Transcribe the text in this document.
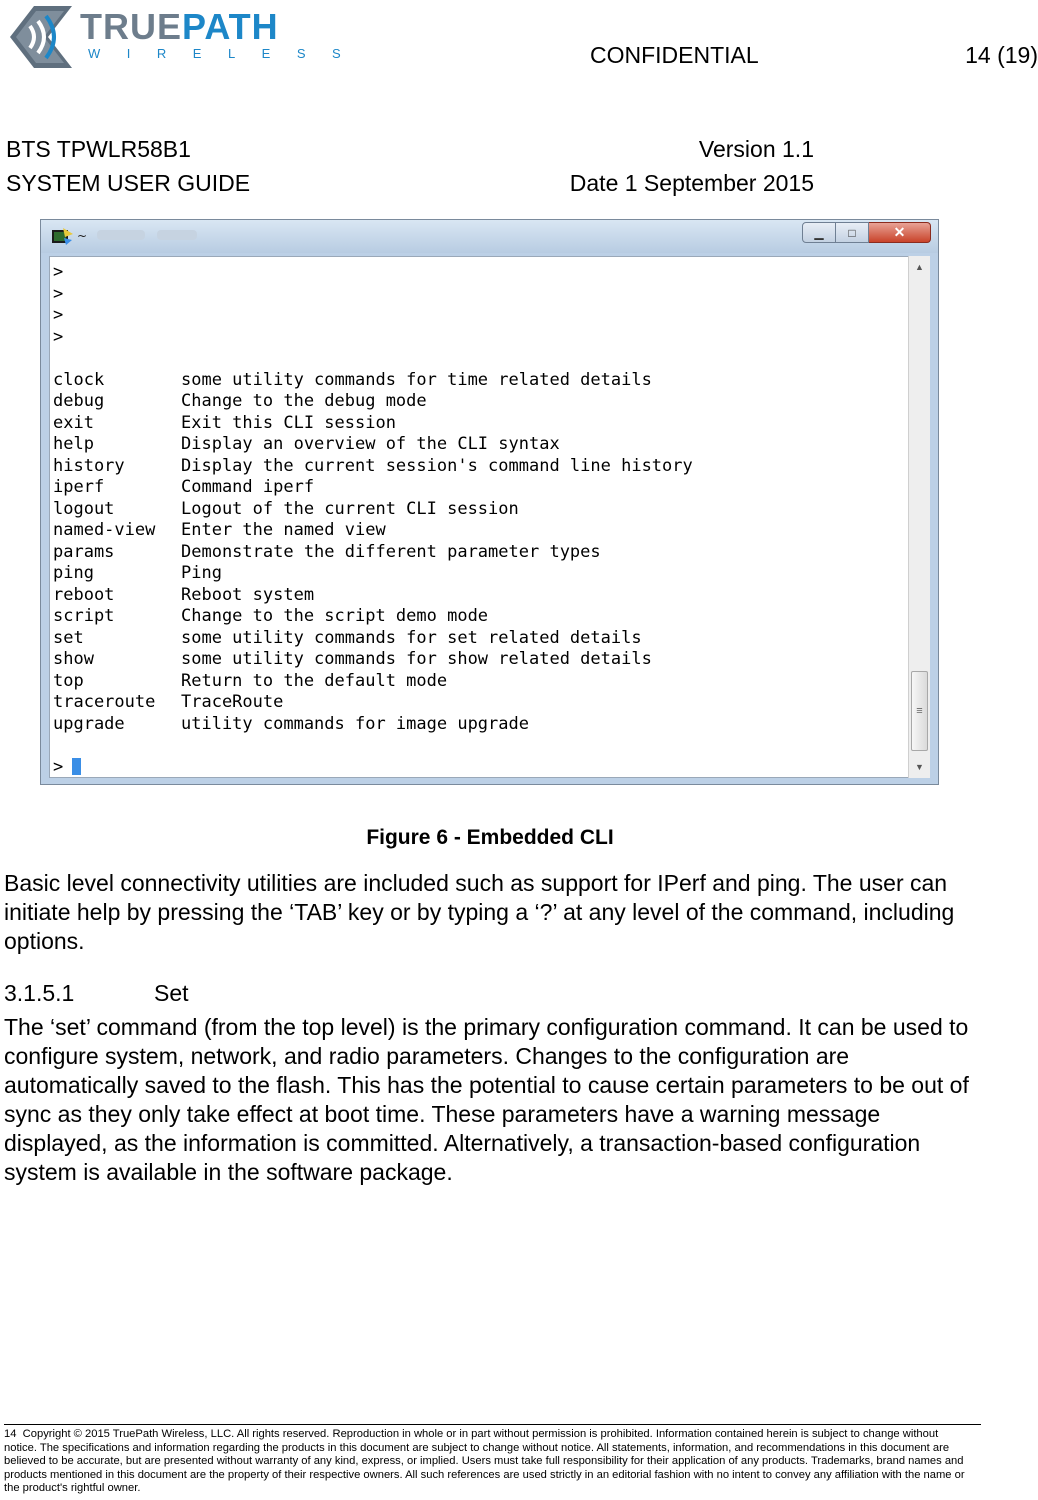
TRUEPATH
WIRELESS	CONFIDENTIAL	14 (19)
BTS TPWLR58B1
SYSTEM USER GUIDE
Version 1.1
Date 1 September 2015
~	▁ □	✕
>
>
>
>
clock	some utility commands for time related details
debug	Change to the debug mode
exit	Exit this CLI session
help	Display an overview of the CLI syntax
history	Display the current session's command line history
iperf	Command iperf
logout	Logout of the current CLI session
named-view Enter the named view
params	Demonstrate the different parameter types
ping	Ping
reboot	Reboot system
script	Change to the script demo mode
set	some utility commands for set related details
show	some utility commands for show related details
top	Return to the default mode
traceroute TraceRoute
upgrade	utility commands for image upgrade
>
▲
≡
▼
Figure 6 - Embedded CLI

Basic level connectivity utilities are included such as support for IPerf and ping. The user can initiate help by pressing the ‘TAB’ key or by typing a ‘?’ at any level of the command, including options.

3.1.5.1	Set

The ‘set’ command (from the top level) is the primary configuration command. It can be used to configure system, network, and radio parameters. Changes to the configuration are automatically saved to the flash. This has the potential to cause certain parameters to be out of sync as they only take effect at boot time. These parameters have a warning message displayed, as the information is committed. Alternatively, a transaction-based configuration system is available in the software package.

14 Copyright © 2015 TruePath Wireless, LLC. All rights reserved. Reproduction in whole or in part without permission is prohibited. Information contained herein is subject to change without notice. The specifications and information regarding the products in this document are subject to change without notice. All statements, information, and recommendations in this document are believed to be accurate, but are presented without warranty of any kind, express, or implied. Users must take full responsibility for their application of any products. Trademarks, brand names and products mentioned in this document are the property of their respective owners. All such references are used strictly in an editorial fashion with no intent to convey any affiliation with the name or the product's rightful owner.
